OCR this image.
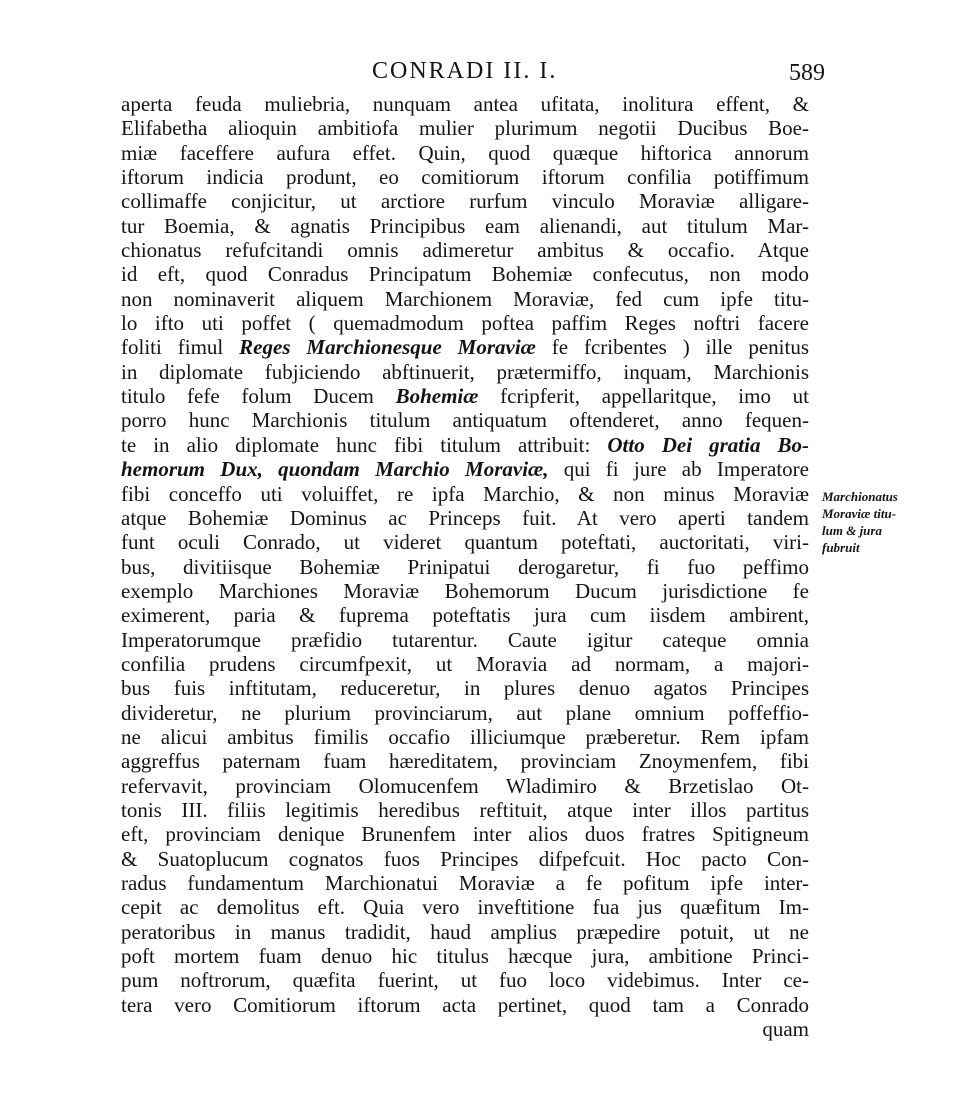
CONRADI II. I.	589
aperta feuda muliebria, nunquam antea ufitata, inolitura effent, &
Elifabetha alioquin ambitiofa mulier plurimum negotii Ducibus Boe-
miæ faceffere aufura effet. Quin, quod quæque hiftorica annorum
iftorum indicia produnt, eo comitiorum iftorum confilia potiffimum
collimaffe conjicitur, ut arctiore rurfum vinculo Moraviæ alligare-
tur Boemia, & agnatis Principibus eam alienandi, aut titulum Mar-
chionatus refufcitandi omnis adimeretur ambitus & occafio. Atque
id eft, quod Conradus Principatum Bohemiæ confecutus, non modo
non nominaverit aliquem Marchionem Moraviæ, fed cum ipfe titu-
lo ifto uti poffet ( quemadmodum poftea paffim Reges noftri facere
foliti fimul Reges Marchionesque Moraviæ fe fcribentes ) ille penitus
in diplomate fubjiciendo abftinuerit, prætermiffo, inquam, Marchionis
titulo fefe folum Ducem Bohemiæ fcripferit, appellaritque, imo ut
porro hunc Marchionis titulum antiquatum oftenderet, anno fequen-
te in alio diplomate hunc fibi titulum attribuit: Otto Dei gratia Bo-
hemorum Dux, quondam Marchio Moraviæ, qui fi jure ab Imperatore
fibi conceffo uti voluiffet, re ipfa Marchio, & non minus Moraviæ
atque Bohemiæ Dominus ac Princeps fuit. At vero aperti tandem
funt oculi Conrado, ut videret quantum poteftati, auctoritati, viri-
bus, divitiisque Bohemiæ Prinipatui derogaretur, fi fuo peffimo
exemplo Marchiones Moraviæ Bohemorum Ducum jurisdictione fe
eximerent, paria & fuprema poteftatis jura cum iisdem ambirent,
Imperatorumque præfidio tutarentur. Caute igitur cateque omnia
confilia prudens circumfpexit, ut Moravia ad normam, a majori-
bus fuis inftitutam, reduceretur, in plures denuo agatos Principes
divideretur, ne plurium provinciarum, aut plane omnium poffeffio-
ne alicui ambitus fimilis occafio illiciumque præberetur. Rem ipfam
aggreffus paternam fuam hæreditatem, provinciam Znoymenfem, fibi
refervavit, provinciam Olomucenfem Wladimiro & Brzetislao Ot-
tonis III. filiis legitimis heredibus reftituit, atque inter illos partitus
eft, provinciam denique Brunenfem inter alios duos fratres Spitigneum
& Suatoplucum cognatos fuos Principes difpefcuit. Hoc pacto Con-
radus fundamentum Marchionatui Moraviæ a fe pofitum ipfe inter-
cepit ac demolitus eft. Quia vero inveftitione fua jus quæfitum Im-
peratoribus in manus tradidit, haud amplius præpedire potuit, ut ne
poft mortem fuam denuo hic titulus hæcque jura, ambitione Princi-
pum noftrorum, quæfita fuerint, ut fuo loco videbimus. Inter ce-
tera vero Comitiorum iftorum acta pertinet, quod tam a Conrado
quam
Marchionatus
Moraviæ titu-
lum & jura
fubruit
